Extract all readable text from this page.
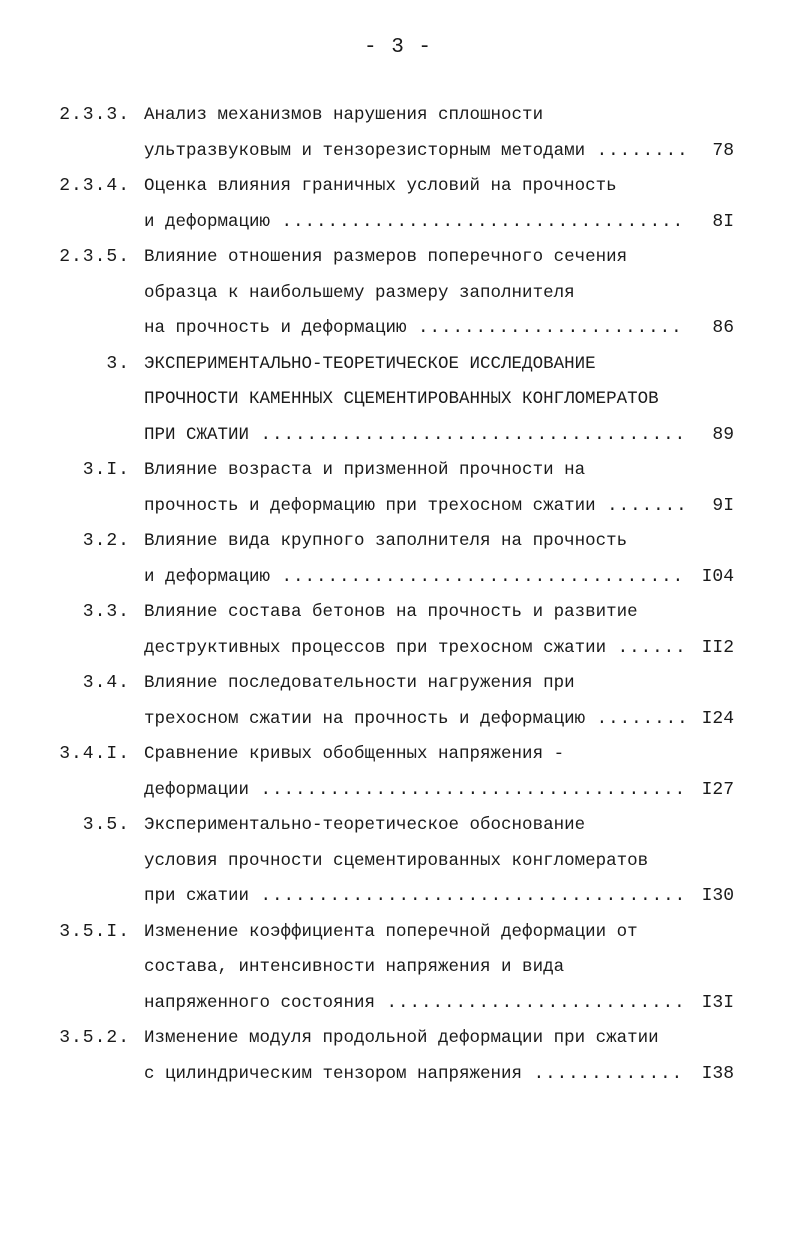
- 3 -
2.3.3. Анализ механизмов нарушения сплошности
ультразвуковым и тензорезисторным методами .....	78
2.3.4. Оценка влияния граничных условий на прочность
и деформацию .....	8I
2.3.5. Влияние отношения размеров поперечного сечения
образца к наибольшему размеру заполнителя
на прочность и деформацию .....	86
3. ЭКСПЕРИМЕНТАЛЬНО-ТЕОРЕТИЧЕСКОЕ ИССЛЕДОВАНИЕ
ПРОЧНОСТИ КАМЕННЫХ СЦЕМЕНТИРОВАННЫХ КОНГЛОМЕРАТОВ
ПРИ СЖАТИИ .....	89
3.I. Влияние возраста и призменной прочности на
прочность и деформацию при трехосном сжатии .....	9I
3.2. Влияние вида крупного заполнителя на прочность
и деформацию .....	I04
3.3. Влияние состава бетонов на прочность и развитие
деструктивных процессов при трехосном сжатии .....	II2
3.4. Влияние последовательности нагружения при
трехосном сжатии на прочность и деформацию .....	I24
3.4.I. Сравнение кривых обобщенных напряжения -
деформации .....	I27
3.5. Экспериментально-теоретическое обоснование
условия прочности сцементированных конгломератов
при сжатии .....	I30
3.5.I. Изменение коэффициента поперечной деформации от
состава, интенсивности напряжения и вида
напряженного состояния .....	I3I
3.5.2. Изменение модуля продольной деформации при сжатии
с цилиндрическим тензором напряжения .....	I38
